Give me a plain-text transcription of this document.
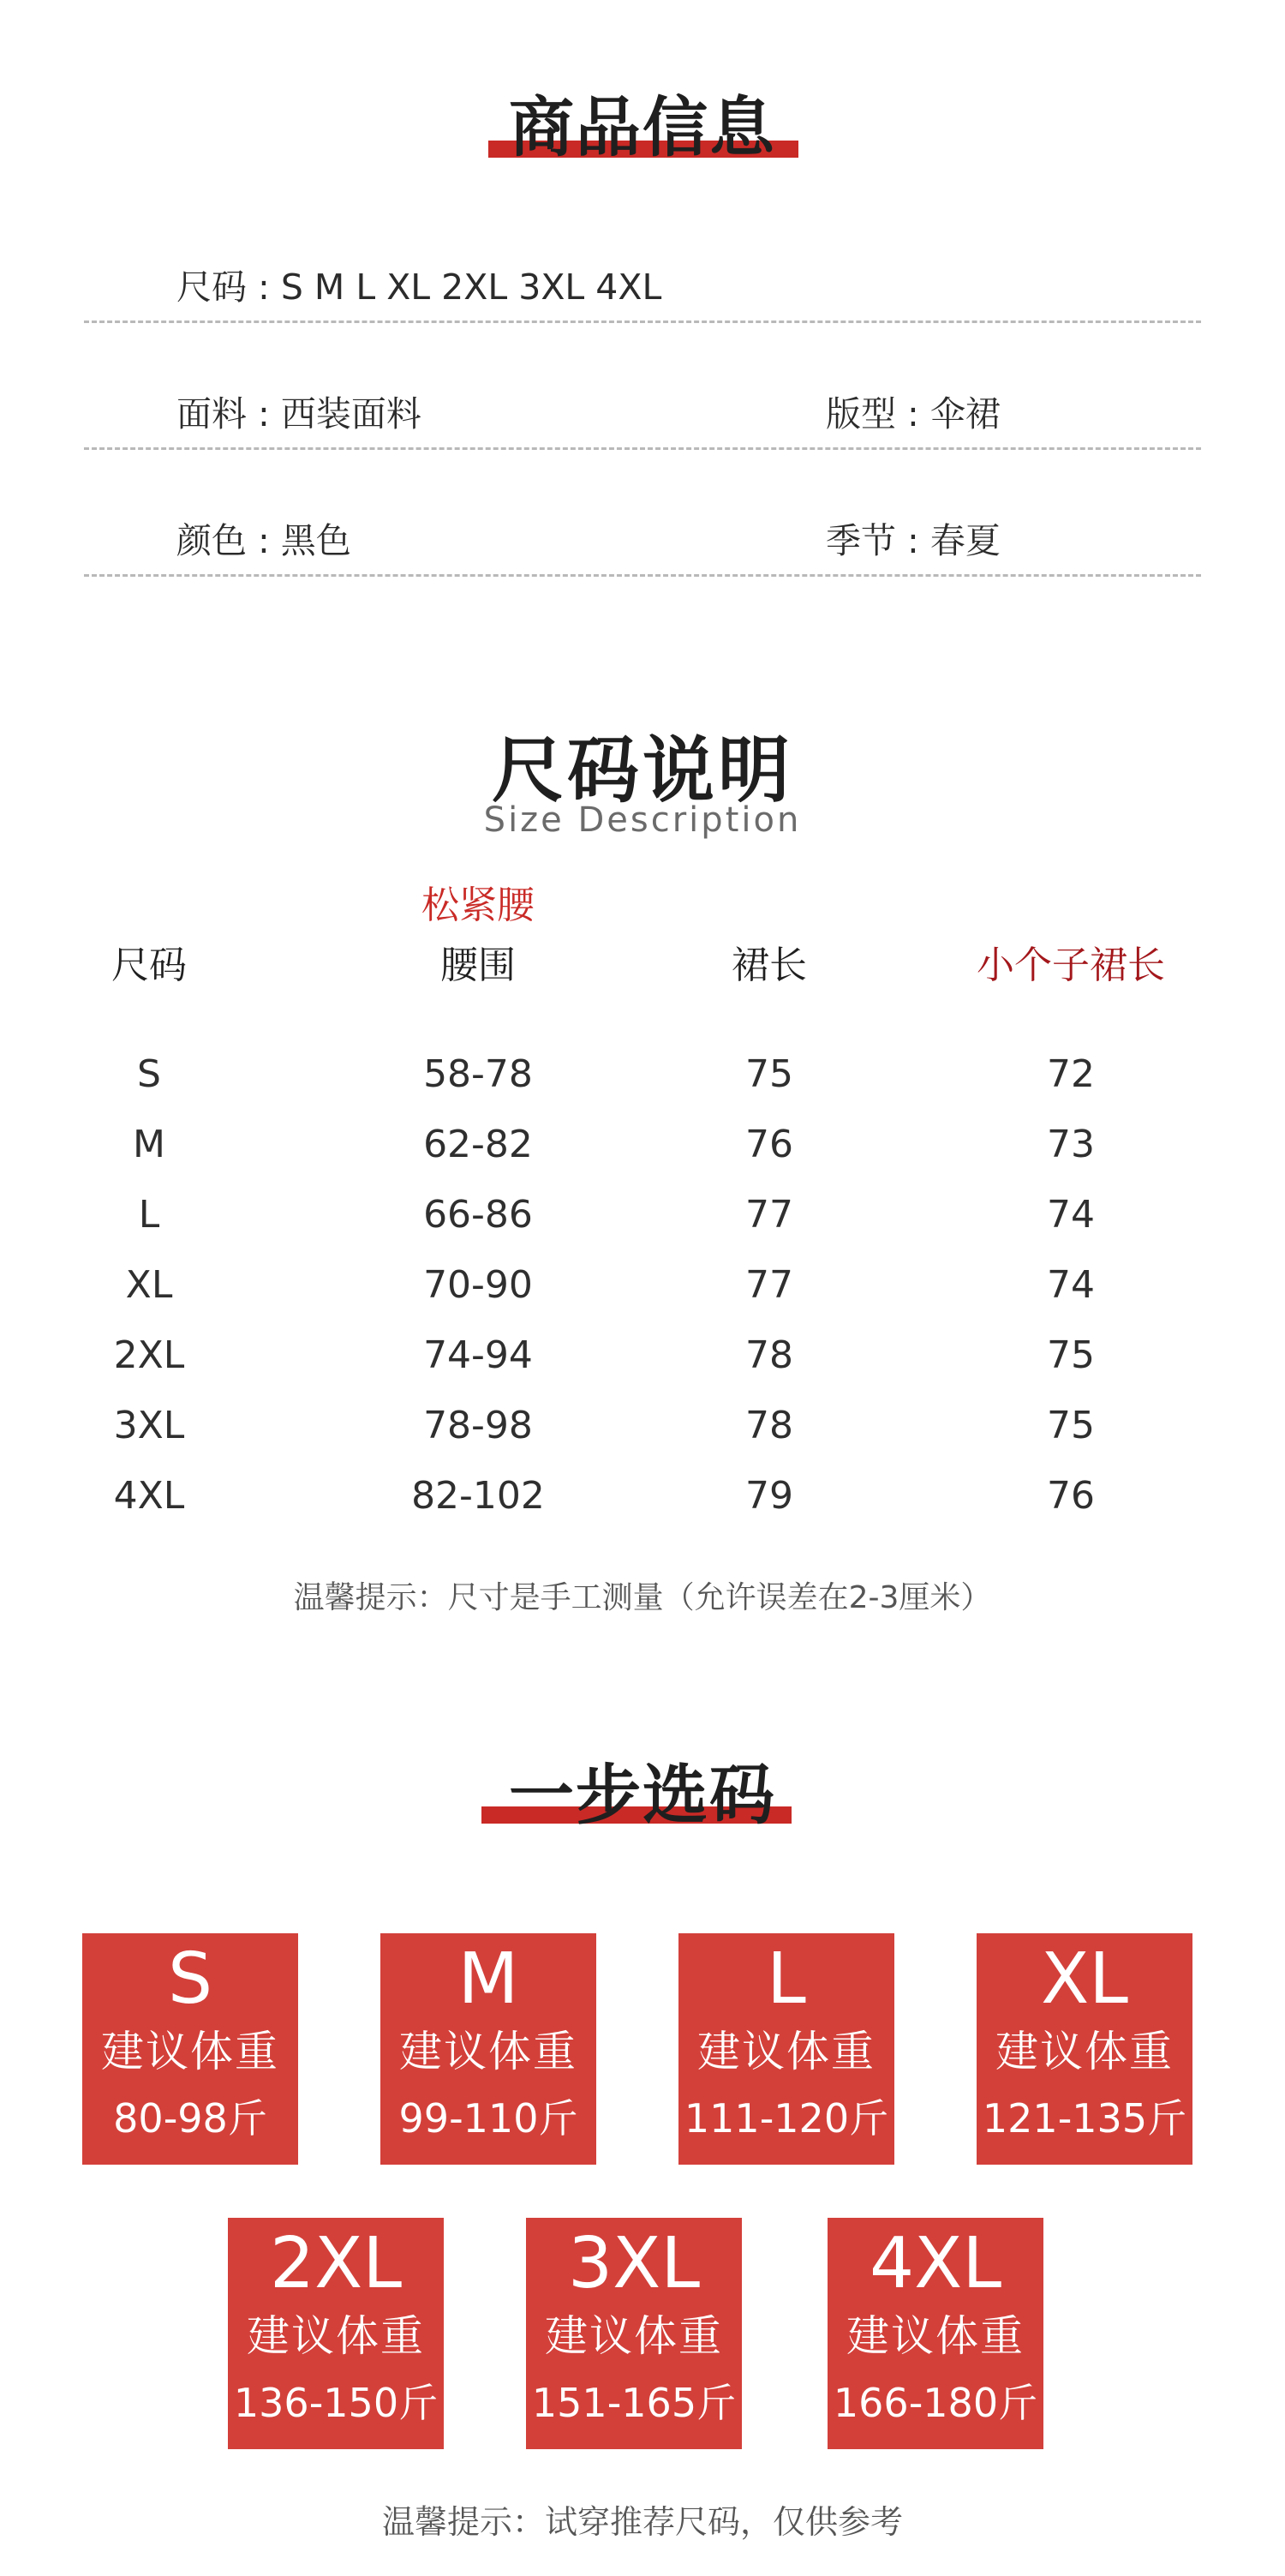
商品信息
尺码 : S M L XL 2XL 3XL 4XL
面料 : 西装面料	版型 : 伞裙
颜色 : 黑色	季节 : 春夏
尺码说明
Size Description
松紧腰
尺码	腰围	裙长	小个子裙长
S	58-78	75	72
M	62-82	76	73
L	66-86	77	74
XL	70-90	77	74
2XL	74-94	78	75
3XL	78-98	78	75
4XL	82-102	79	76
温馨提示：尺寸是手工测量（允许误差在2-3厘米）
一步选码
S
建议体重
80-98斤
M
建议体重
99-110斤
L
建议体重
111-120斤
XL
建议体重
121-135斤
2XL
建议体重
136-150斤
3XL
建议体重
151-165斤
4XL
建议体重
166-180斤
温馨提示：试穿推荐尺码，仅供参考
